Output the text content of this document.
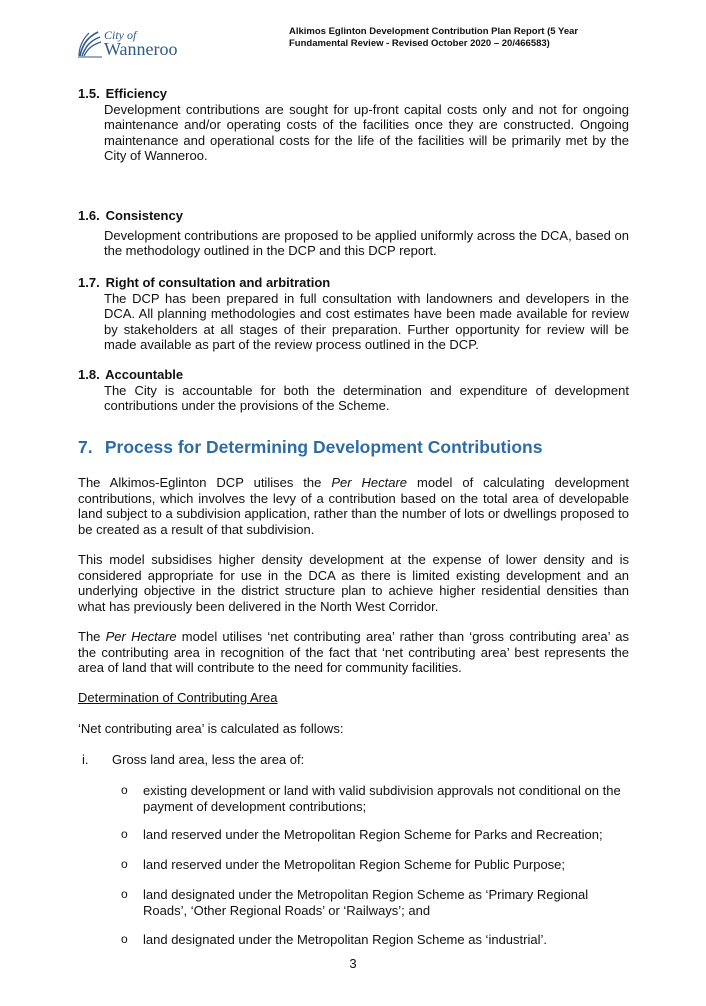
City of
Wanneroo
Alkimos Eglinton Development Contribution Plan Report (5 Year Fundamental Review - Revised October 2020 – 20/466583)
1.5. Efficiency
Development contributions are sought for up-front capital costs only and not for ongoing maintenance and/or operating costs of the facilities once they are constructed. Ongoing maintenance and operational costs for the life of the facilities will be primarily met by the City of Wanneroo.
1.6. Consistency
Development contributions are proposed to be applied uniformly across the DCA, based on the methodology outlined in the DCP and this DCP report.
1.7. Right of consultation and arbitration
The DCP has been prepared in full consultation with landowners and developers in the DCA. All planning methodologies and cost estimates have been made available for review by stakeholders at all stages of their preparation. Further opportunity for review will be made available as part of the review process outlined in the DCP.
1.8. Accountable
The City is accountable for both the determination and expenditure of development contributions under the provisions of the Scheme.
7. Process for Determining Development Contributions
The Alkimos-Eglinton DCP utilises the Per Hectare model of calculating development contributions, which involves the levy of a contribution based on the total area of developable land subject to a subdivision application, rather than the number of lots or dwellings proposed to be created as a result of that subdivision.
This model subsidises higher density development at the expense of lower density and is considered appropriate for use in the DCA as there is limited existing development and an underlying objective in the district structure plan to achieve higher residential densities than what has previously been delivered in the North West Corridor.
The Per Hectare model utilises ‘net contributing area’ rather than ‘gross contributing area’ as the contributing area in recognition of the fact that ‘net contributing area’ best represents the area of land that will contribute to the need for community facilities.
Determination of Contributing Area
‘Net contributing area’ is calculated as follows:
i. Gross land area, less the area of:
o existing development or land with valid subdivision approvals not conditional on the payment of development contributions;
o land reserved under the Metropolitan Region Scheme for Parks and Recreation;
o land reserved under the Metropolitan Region Scheme for Public Purpose;
o land designated under the Metropolitan Region Scheme as ‘Primary Regional Roads’, ‘Other Regional Roads’ or ‘Railways’; and
o land designated under the Metropolitan Region Scheme as ‘industrial’.
3
